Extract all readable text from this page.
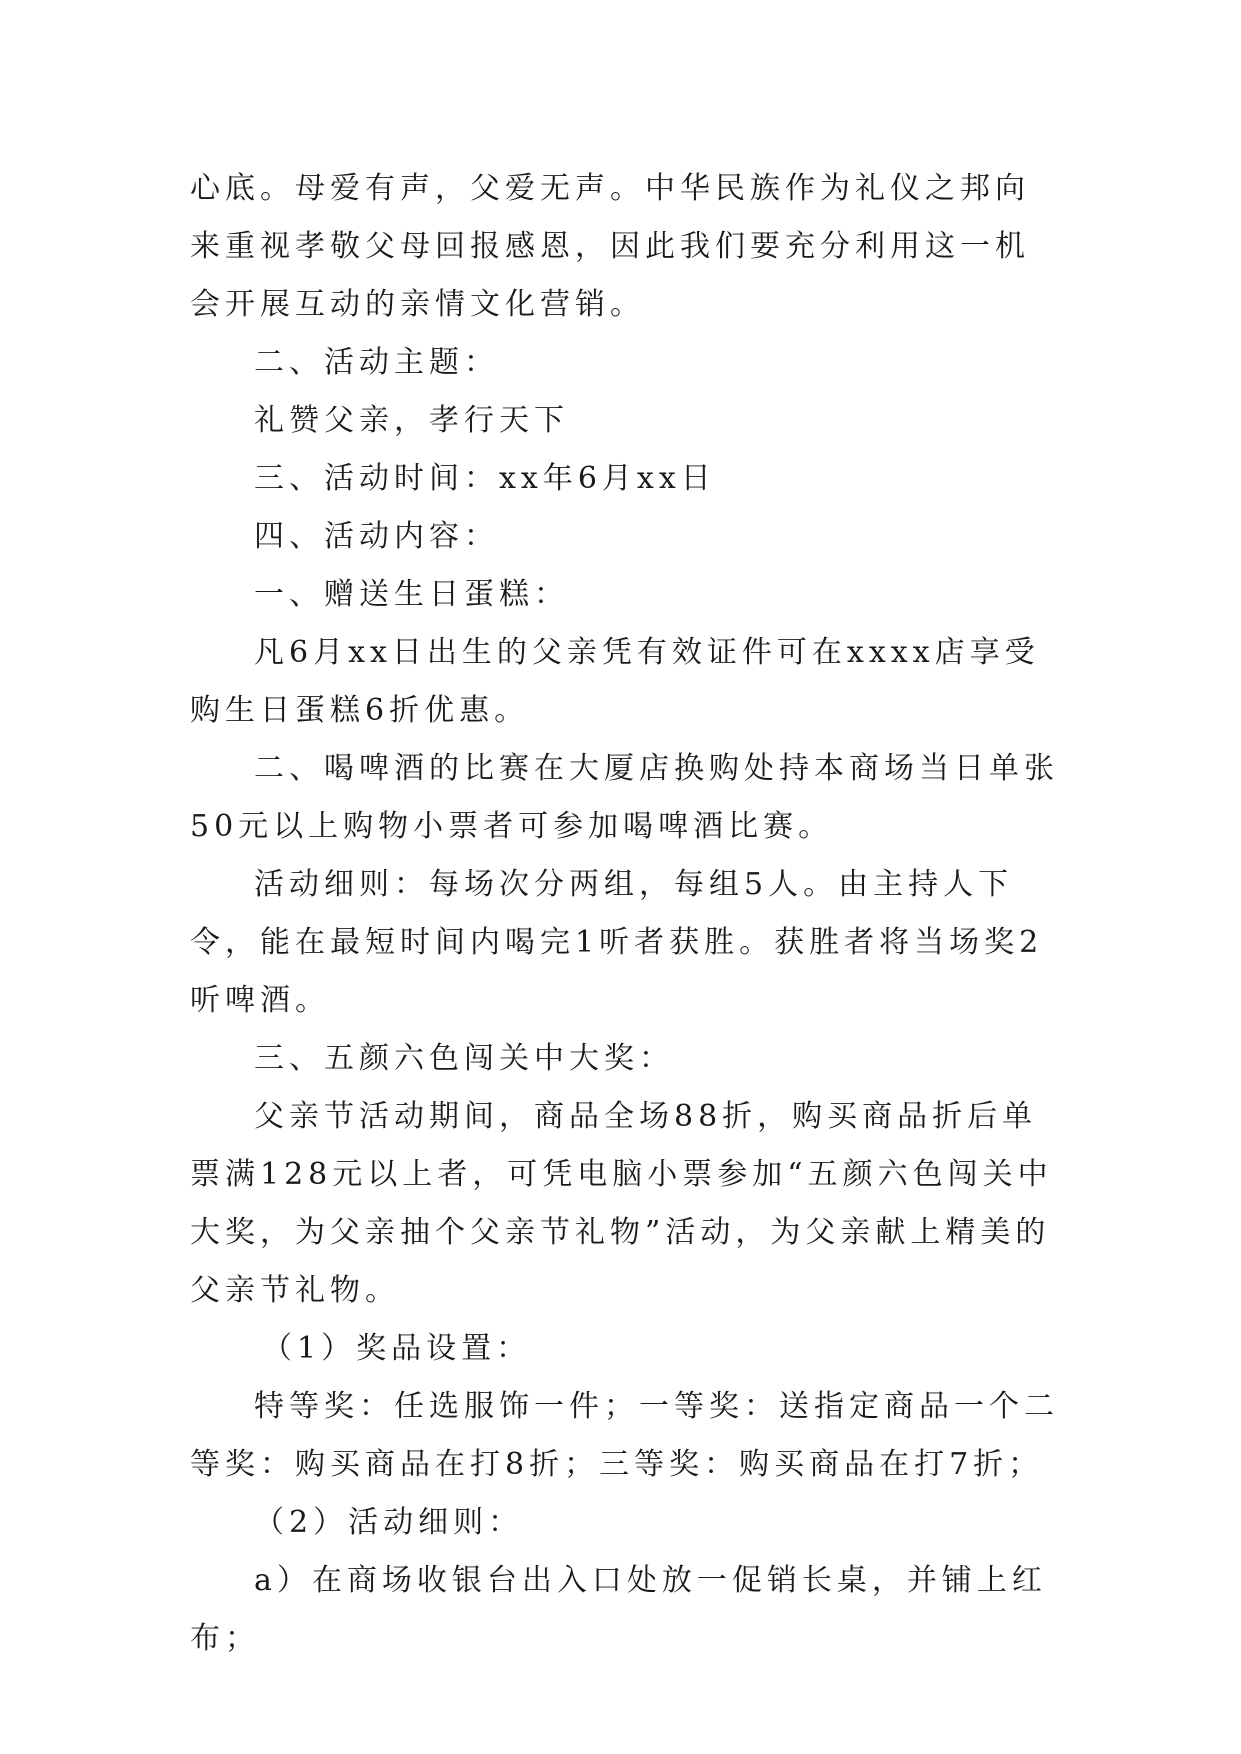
心底。母爱有声，父爱无声。中华民族作为礼仪之邦向来重视孝敬父母回报感恩，因此我们要充分利用这一机会开展互动的亲情文化营销。

二、活动主题：

礼赞父亲，孝行天下

三、活动时间：xx年6月xx日

四、活动内容：

一、赠送生日蛋糕：

凡6月xx日出生的父亲凭有效证件可在xxxx店享受购生日蛋糕6折优惠。

二、喝啤酒的比赛在大厦店换购处持本商场当日单张50元以上购物小票者可参加喝啤酒比赛。

活动细则：每场次分两组，每组5人。由主持人下令，能在最短时间内喝完1听者获胜。获胜者将当场奖2听啤酒。

三、五颜六色闯关中大奖：

父亲节活动期间，商品全场88折，购买商品折后单票满128元以上者，可凭电脑小票参加“五颜六色闯关中大奖，为父亲抽个父亲节礼物”活动，为父亲献上精美的父亲节礼物。

（1）奖品设置：

特等奖：任选服饰一件；一等奖：送指定商品一个二等奖：购买商品在打8折；三等奖：购买商品在打7折；

（2）活动细则：

a）在商场收银台出入口处放一促销长桌，并铺上红布；
